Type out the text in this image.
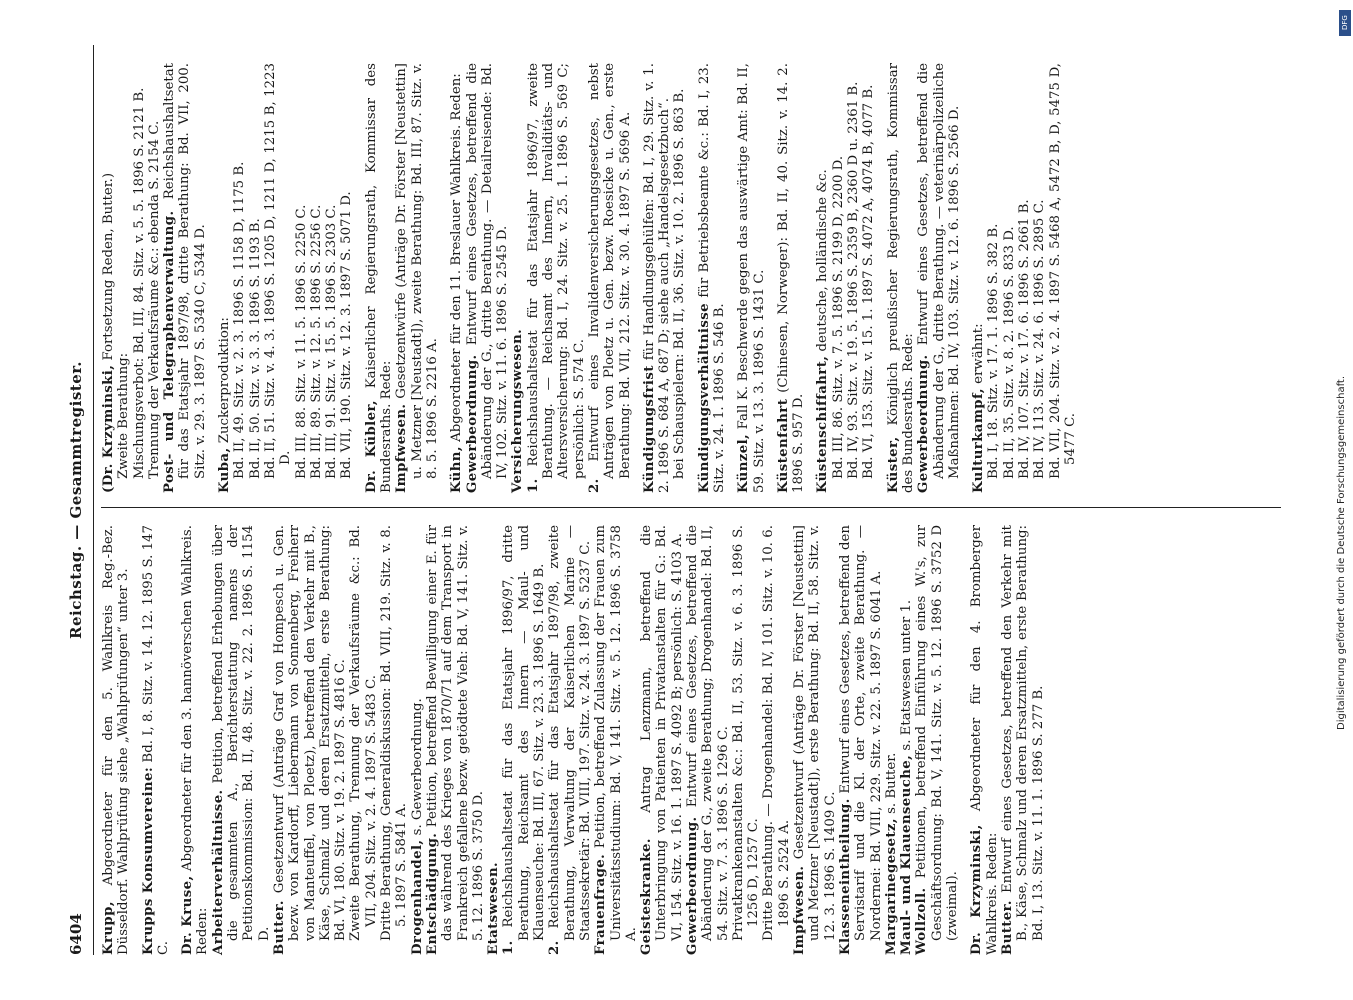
6404
Reichstag. — Gesammtregister.

Krupp, Abgeordneter für den 5. Wahlkreis Reg.-Bez. Düsseldorf. Wahlprüfung siehe „Wahlprüfungen“ unter 3. Krupps Konsumvereine: Bd. I, 8. Sitz. v. 14. 12. 1895 S. 147 C. Dr. Kruse, Abgeordneter für den 3. hannöverschen Wahlkreis. Reden: Arbeiterverhältnisse. Petition, betreffend Erhebungen über die gesammten A., Berichterstattung namens der Petitionskommission: Bd. II, 48. Sitz. v. 22. 2. 1896 S. 1154 D. Butter. Gesetzentwurf (Anträge Graf von Hompesch u. Gen. bezw. von Kardorff, Liebermann von Sonnenberg, Freiherr von Manteuffel, von Ploetz), betreffend den Verkehr mit B., Käse, Schmalz und deren Ersatzmitteln, erste Berathung: Bd. VI, 180. Sitz. v. 19. 2. 1897 S. 4816 C. Zweite Berathung, Trennung der Verkaufsräume &c.: Bd. VII, 204. Sitz. v. 2. 4. 1897 S. 5483 C. Dritte Berathung, Generaldiskussion: Bd. VIII, 219. Sitz. v. 8. 5. 1897 S. 5841 A. Drogenhandel, s. Gewerbeordnung.

Entschädigung. Petition, betreffend Bewilligung einer E. für das während des Krieges von 1870/71 auf dem Transport in Frankreich gefallene bezw. getödtete Vieh: Bd. V, 141. Sitz. v. 5. 12. 1896 S. 3750 D. Etatswesen. 1. Reichshaushaltsetat für das Etatsjahr 1896/97, dritte Berathung, Reichsamt des Innern — Maul- und Klauenseuche: Bd. III, 67. Sitz. v. 23. 3. 1896 S. 1649 B.

2. Reichshaushaltsetat für das Etatsjahr 1897/98, zweite Berathung, Verwaltung der Kaiserlichen Marine — Staatssekretär: Bd. VIII, 197. Sitz. v. 24. 3. 1897 S. 5237 C. Frauenfrage. Petition, betreffend Zulassung der Frauen zum Universitätsstudium: Bd. V, 141. Sitz. v. 5. 12. 1896 S. 3758 A. Geisteskranke. Antrag Lenzmann, betreffend die Unterbringung von Patienten in Privatanstalten für G.: Bd. VI, 154. Sitz. v. 16. 1. 1897 S. 4092 B; persönlich: S. 4103 A. Gewerbeordnung. Entwurf eines Gesetzes, betreffend die Abänderung der G., zweite Berathung; Drogenhandel: Bd. II, 54. Sitz. v. 7. 3. 1896 S. 1296 C. Privatkrankenanstalten &c.: Bd. II, 53. Sitz. v. 6. 3. 1896 S. 1256 D, 1257 C. Dritte Berathung. — Drogenhandel: Bd. IV, 101. Sitz. v. 10. 6. 1896 S. 2524 A. Impfwesen. Gesetzentwurf (Anträge Dr. Förster [Neustettin] und Metzner [Neustadt]), erste Berathung: Bd. II, 58. Sitz. v. 12. 3. 1896 S. 1409 C. Klasseneintheilung. Entwurf eines Gesetzes, betreffend den Servistarif und die Kl. der Orte, zweite Berathung. — Nordernei: Bd. VIII, 229. Sitz. v. 22. 5. 1897 S. 6041 A. Margarinegesetz, s. Butter. Maul- und Klauenseuche, s. Etatswesen unter 1.

Wollzoll. Petitionen, betreffend Einführung eines W.'s, zur Geschäftsordnung: Bd. V, 141. Sitz. v. 5. 12. 1896 S. 3752 D (zweimal). Dr. Krzyminski, Abgeordneter für den 4. Bromberger Wahlkreis. Reden: Butter. Entwurf eines Gesetzes, betreffend den Verkehr mit B., Käse, Schmalz und deren Ersatzmitteln, erste Berathung: Bd. I, 13. Sitz. v. 11. 1. 1896 S. 277 B.

(Dr. Krzyminski, Fortsetzung Reden, Butter.)

Zweite Berathung: Mischungsverbot: Bd. III, 84. Sitz. v. 5. 5. 1896 S. 2121 B. Trennung der Verkaufsräume &c.: ebenda S. 2154 C. Post- und Telegraphenverwaltung. Reichshaushaltsetat für das Etatsjahr 1897/98, dritte Berathung: Bd. VII, 200. Sitz. v. 29. 3. 1897 S. 5340 C, 5344 D. Kuba, Zuckerproduktion: Bd. II, 49. Sitz. v. 2. 3. 1896 S. 1158 D, 1175 B. Bd. II, 50. Sitz. v. 3. 3. 1896 S. 1193 B. Bd. II, 51. Sitz. v. 4. 3. 1896 S. 1205 D, 1211 D, 1215 B, 1223 D. Bd. III, 88. Sitz. v. 11. 5. 1896 S. 2250 C. Bd. III, 89. Sitz. v. 12. 5. 1896 S. 2256 C. Bd. III, 91. Sitz. v. 15. 5. 1896 S. 2303 C. Bd. VII, 190. Sitz. v. 12. 3. 1897 S. 5071 D. Dr. Kübler, Kaiserlicher Regierungsrath, Kommissar des Bundesraths. Rede: Impfwesen. Gesetzentwürfe (Anträge Dr. Förster [Neustettin] u. Metzner [Neustadt]), zweite Berathung: Bd. III, 87. Sitz. v. 8. 5. 1896 S. 2216 A. Kühn, Abgeordneter für den 11. Breslauer Wahlkreis. Reden: Gewerbeordnung. Entwurf eines Gesetzes, betreffend die Abänderung der G., dritte Berathung. — Detailreisende: Bd. IV, 102. Sitz. v. 11. 6. 1896 S. 2545 D. Versicherungswesen. 1. Reichshaushaltsetat für das Etatsjahr 1896/97, zweite Berathung. — Reichsamt des Innern, Invaliditäts- und Altersversicherung: Bd. I, 24. Sitz. v. 25. 1. 1896 S. 569 C; persönlich: S. 574 C.

2. Entwurf eines Invalidenversicherungsgesetzes, nebst Anträgen von Ploetz u. Gen. bezw. Roesicke u. Gen., erste Berathung: Bd. VII, 212. Sitz. v. 30. 4. 1897 S. 5696 A. Kündigungsfrist für Handlungsgehülfen: Bd. I, 29. Sitz. v. 1. 2. 1896 S. 684 A, 687 D; siehe auch „Handelsgesetzbuch“. bei Schauspielern: Bd. II, 36. Sitz. v. 10. 2. 1896 S. 863 B. Kündigungsverhältnisse für Betriebsbeamte &c.: Bd. I, 23. Sitz. v. 24. 1. 1896 S. 546 B. Künzel, Fall K. Beschwerde gegen das auswärtige Amt: Bd. II, 59. Sitz. v. 13. 3. 1896 S. 1431 C. Küstenfahrt (Chinesen, Norweger): Bd. II, 40. Sitz. v. 14. 2. 1896 S. 957 D. Küstenschiffahrt, deutsche, holländische &c. Bd. III, 86. Sitz. v. 7. 5. 1896 S. 2199 D, 2200 D. Bd. IV, 93. Sitz. v. 19. 5. 1896 S. 2359 B, 2360 D u. 2361 B. Bd. VI, 153. Sitz. v. 15. 1. 1897 S. 4072 A, 4074 B, 4077 B. Küster, Königlich preußischer Regierungsrath, Kommissar des Bundesraths. Rede: Gewerbeordnung. Entwurf eines Gesetzes, betreffend die Abänderung der G., dritte Berathung. — veterinärpolizeiliche Maßnahmen: Bd. IV, 103. Sitz. v. 12. 6. 1896 S. 2566 D. Kulturkampf, erwähnt: Bd. I, 18. Sitz. v. 17. 1. 1896 S. 382 B. Bd. II, 35. Sitz. v. 8. 2. 1896 S. 833 D. Bd. IV, 107. Sitz. v. 17. 6. 1896 S. 2661 B. Bd. IV, 113. Sitz. v. 24. 6. 1896 S. 2895 C. Bd. VII, 204. Sitz. v. 2. 4. 1897 S. 5468 A, 5472 B, D, 5475 D, 5477 C.

DFG
Digitalisierung gefördert durch die Deutsche Forschungsgemeinschaft.
